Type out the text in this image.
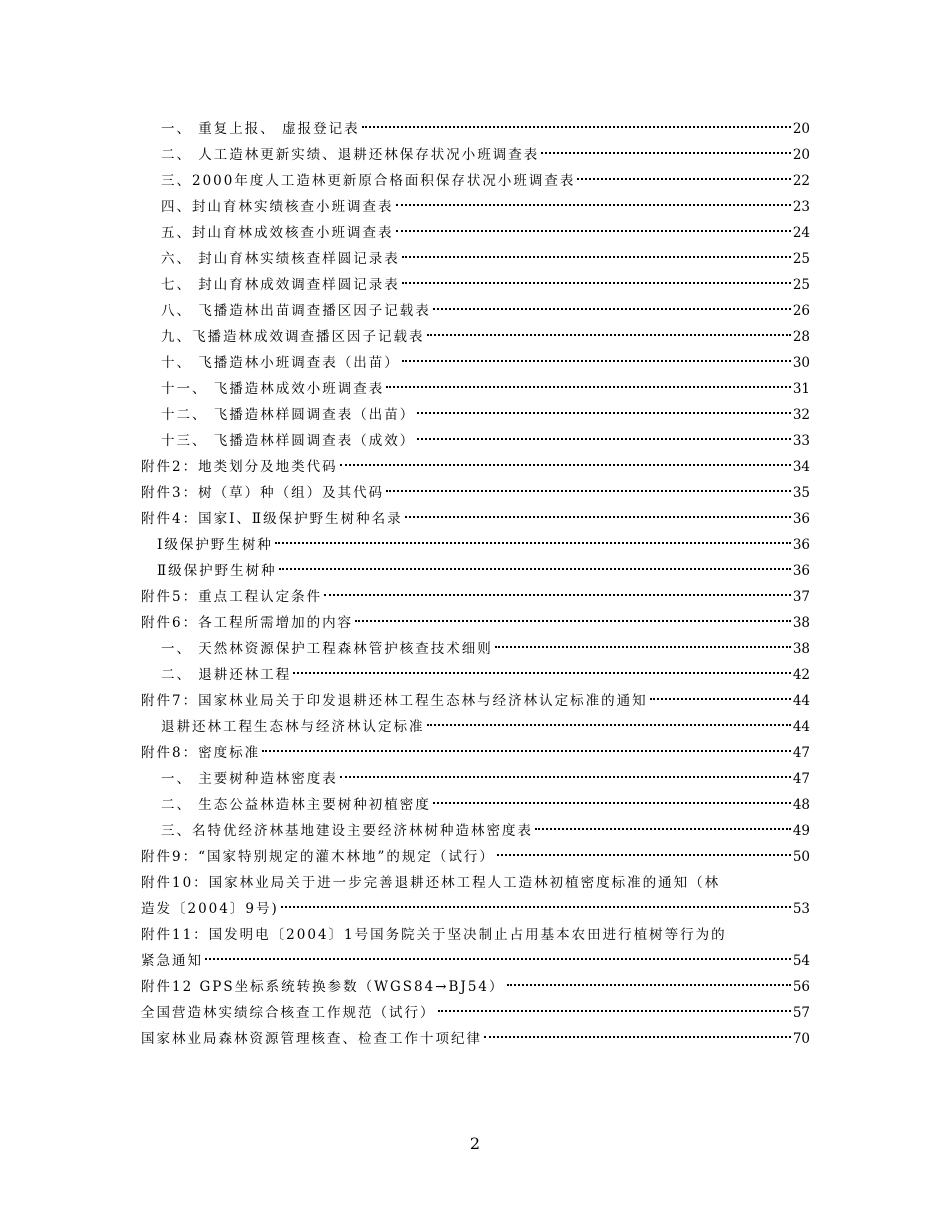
一、 重复上报、 虚报登记表	20
二、 人工造林更新实绩、退耕还林保存状况小班调查表	20
三、2000年度人工造林更新原合格面积保存状况小班调查表	22
四、封山育林实绩核查小班调查表	23
五、封山育林成效核查小班调查表	24
六、 封山育林实绩核查样圆记录表	25
七、 封山育林成效调查样圆记录表	25
八、 飞播造林出苗调查播区因子记载表	26
九、飞播造林成效调查播区因子记载表	28
十、 飞播造林小班调查表（出苗）	30
十一、 飞播造林成效小班调查表	31
十二、 飞播造林样圆调查表（出苗）	32
十三、 飞播造林样圆调查表（成效）	33
附件2：地类划分及地类代码	34
附件3：树（草）种（组）及其代码	35
附件4：国家Ⅰ、Ⅱ级保护野生树种名录	36
Ⅰ级保护野生树种	36
Ⅱ级保护野生树种	36
附件5：重点工程认定条件	37
附件6：各工程所需增加的内容	38
一、 天然林资源保护工程森林管护核查技术细则	38
二、 退耕还林工程	42
附件7：国家林业局关于印发退耕还林工程生态林与经济林认定标准的通知	44
退耕还林工程生态林与经济林认定标准	44
附件8：密度标准	47
一、 主要树种造林密度表	47
二、 生态公益林造林主要树种初植密度	48
三、名特优经济林基地建设主要经济林树种造林密度表	49
附件9：“国家特别规定的灌木林地”的规定（试行）	50
附件10：国家林业局关于进一步完善退耕还林工程人工造林初植密度标准的通知（林
造发〔2004〕9号)	53
附件11：国发明电〔2004〕1号国务院关于坚决制止占用基本农田进行植树等行为的
紧急通知	54
附件12 GPS坐标系统转换参数（WGS84→BJ54）	56
全国营造林实绩综合核查工作规范（试行）	57
国家林业局森林资源管理核查、检查工作十项纪律	70
2
